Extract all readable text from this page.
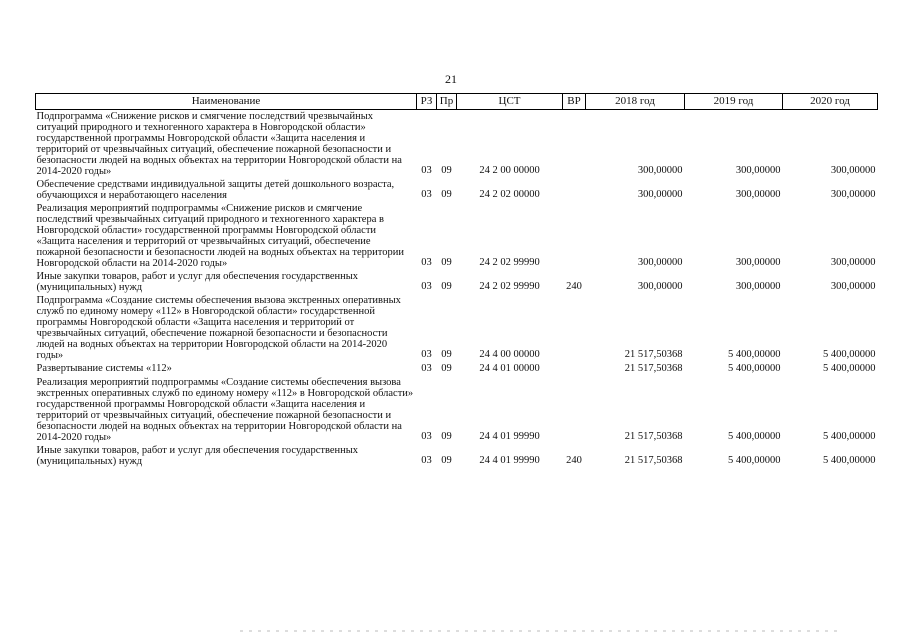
21
Наименование	РЗ	Пр	ЦСТ	ВР	2018 год	2019 год	2020 год
Подпрограмма «Снижение рисков и смягчение последствий чрезвычайных ситуаций природного и техногенного характера в Новгородской области» государственной программы Новгородской области «Защита населения и территорий от чрезвычайных ситуаций, обеспечение пожарной безопасности и безопасности людей на водных объектах на территории Новгородской области на 2014-2020 годы»	03	09	24 2 00 00000		300,00000	300,00000	300,00000
Обеспечение средствами индивидуальной защиты детей дошкольного возраста, обучающихся и неработающего населения	03	09	24 2 02 00000		300,00000	300,00000	300,00000
Реализация мероприятий подпрограммы «Снижение рисков и смягчение последствий чрезвычайных ситуаций природного и техногенного характера в Новгородской области» государственной программы Новгородской области «Защита населения и территорий от чрезвычайных ситуаций, обеспечение пожарной безопасности и безопасности людей на водных объектах на территории Новгородской области на 2014-2020 годы»	03	09	24 2 02 99990		300,00000	300,00000	300,00000
Иные закупки товаров, работ и услуг для обеспечения государственных (муниципальных) нужд	03	09	24 2 02 99990	240	300,00000	300,00000	300,00000
Подпрограмма «Создание системы обеспечения вызова экстренных оперативных служб по единому номеру «112» в Новгородской области» государственной программы Новгородской области «Защита населения и территорий от чрезвычайных ситуаций, обеспечение пожарной безопасности и безопасности людей на водных объектах на территории Новгородской области на 2014-2020 годы»	03	09	24 4 00 00000		21 517,50368	5 400,00000	5 400,00000
Развертывание системы «112»	03	09	24 4 01 00000		21 517,50368	5 400,00000	5 400,00000
Реализация мероприятий подпрограммы «Создание системы обеспечения вызова экстренных оперативных служб по единому номеру «112» в Новгородской области» государственной программы Новгородской области «Защита населения и территорий от чрезвычайных ситуаций, обеспечение пожарной безопасности и безопасности людей на водных объектах на территории Новгородской области на 2014-2020 годы»	03	09	24 4 01 99990		21 517,50368	5 400,00000	5 400,00000
Иные закупки товаров, работ и услуг для обеспечения государственных (муниципальных) нужд	03	09	24 4 01 99990	240	21 517,50368	5 400,00000	5 400,00000
